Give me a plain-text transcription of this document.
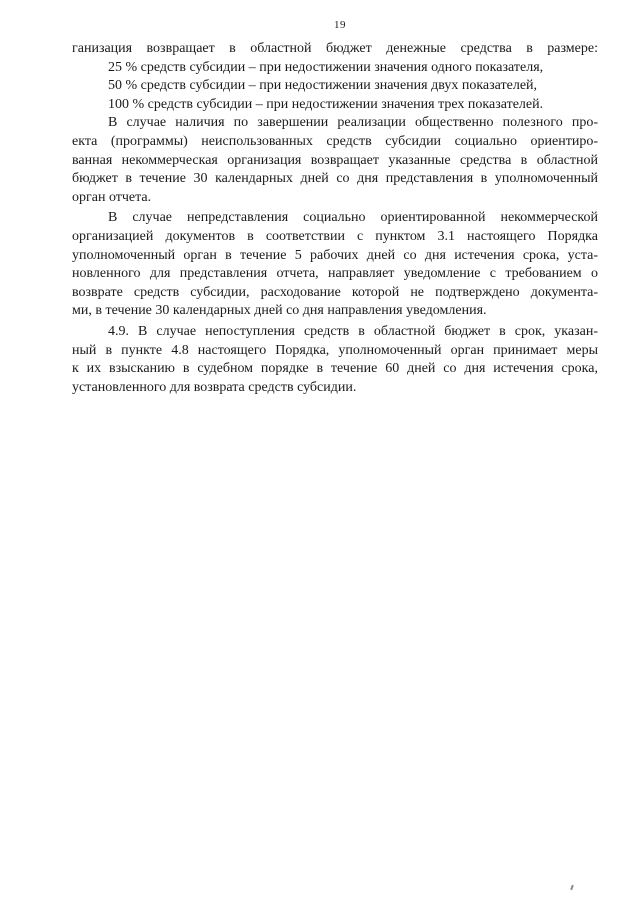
19
ганизация возвращает в областной бюджет денежные средства в размере:
25 % средств субсидии – при недостижении значения одного показателя,
50 % средств субсидии – при недостижении значения двух показателей,
100 % средств субсидии – при недостижении значения трех показателей.
В случае наличия по завершении реализации общественно полезного про-
екта (программы) неиспользованных средств субсидии социально ориентиро-
ванная некоммерческая организация возвращает указанные средства в областной
бюджет в течение 30 календарных дней со дня представления в уполномоченный
орган отчета.
В случае непредставления социально ориентированной некоммерческой
организацией документов в соответствии с пунктом 3.1 настоящего Порядка
уполномоченный орган в течение 5 рабочих дней со дня истечения срока, уста-
новленного для представления отчета, направляет уведомление с требованием о
возврате средств субсидии, расходование которой не подтверждено документа-
ми, в течение 30 календарных дней со дня направления уведомления.
4.9. В случае непоступления средств в областной бюджет в срок, указан-
ный в пункте 4.8 настоящего Порядка, уполномоченный орган принимает меры
к их взысканию в судебном порядке в течение 60 дней со дня истечения срока,
установленного для возврата средств субсидии.
